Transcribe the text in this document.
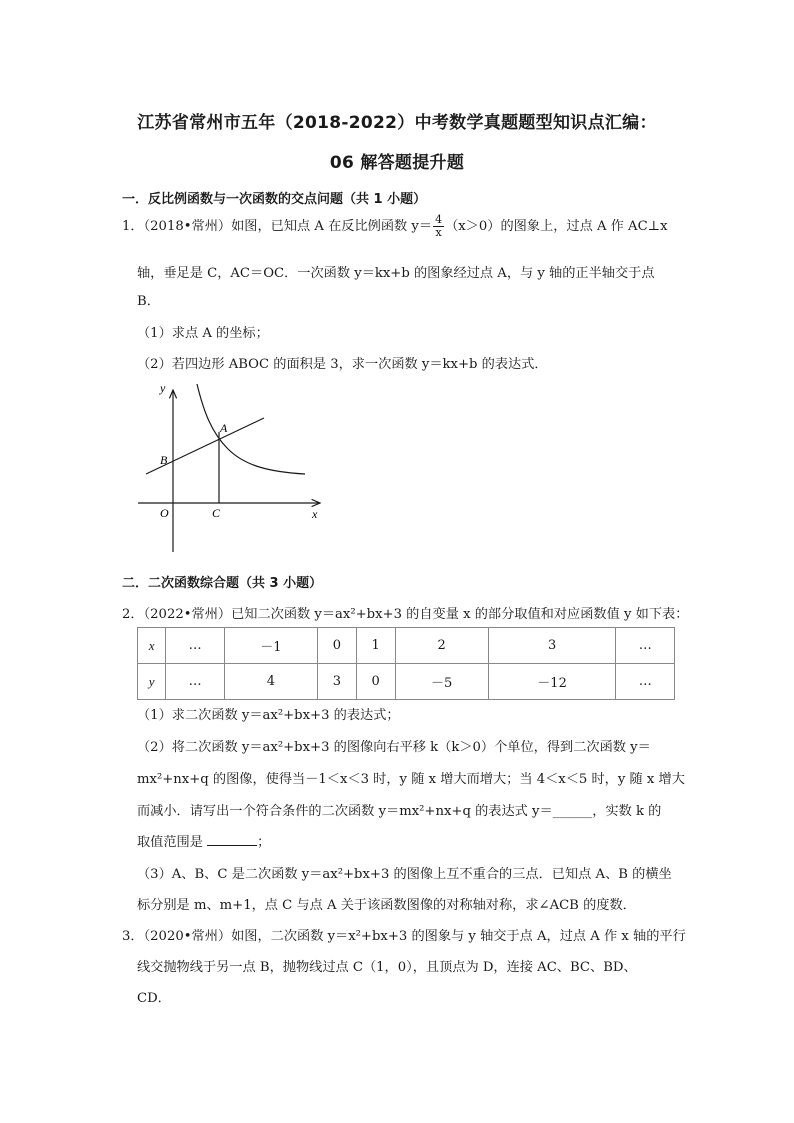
江苏省常州市五年（2018-2022）中考数学真题题型知识点汇编：
06 解答题提升题
一．反比例函数与一次函数的交点问题（共 1 小题）
1．（2018•常州）如图，已知点 A 在反比例函数 $y= \frac{4}{x} (x>0)$的图象上，过点 A 作 AC⊥x
轴，垂足是 C，AC＝OC．一次函数 y＝kx+b 的图象经过点 A，与 y 轴的正半轴交于点
B．
（1）求点 A 的坐标；
（2）若四边形 ABOC 的面积是 3，求一次函数 y＝kx+b 的表达式．
y
x
O	C
A
B
二．二次函数综合题（共 3 小题）
2．（2022•常州）已知二次函数 y＝ax²+bx+3 的自变量 x 的部分取值和对应函数值 y 如下表：
x	…	－1	0	1	2	3	…
y	…	4	3	0	－5	－12	…
（1）求二次函数 y＝ax²+bx+3 的表达式；
（2）将二次函数 y＝ax²+bx+3 的图像向右平移 k（k＞0）个单位，得到二次函数 y＝
mx²+nx+q 的图像，使得当－1＜x＜3 时，y 随 x 增大而增大；当 4＜x＜5 时，y 随 x 增大
而减小．请写出一个符合条件的二次函数 y＝mx²+nx+q 的表达式 y＝______，实数 k 的
取值范围是	；
（3）A、B、C 是二次函数 y＝ax²+bx+3 的图像上互不重合的三点．已知点 A、B 的横坐
标分别是 m、m+1，点 C 与点 A 关于该函数图像的对称轴对称，求∠ACB 的度数．
3．（2020•常州）如图，二次函数 y＝x²+bx+3 的图象与 y 轴交于点 A，过点 A 作 x 轴的平行
线交抛物线于另一点 B，抛物线过点 C（1，0），且顶点为 D，连接 AC、BC、BD、
CD．
